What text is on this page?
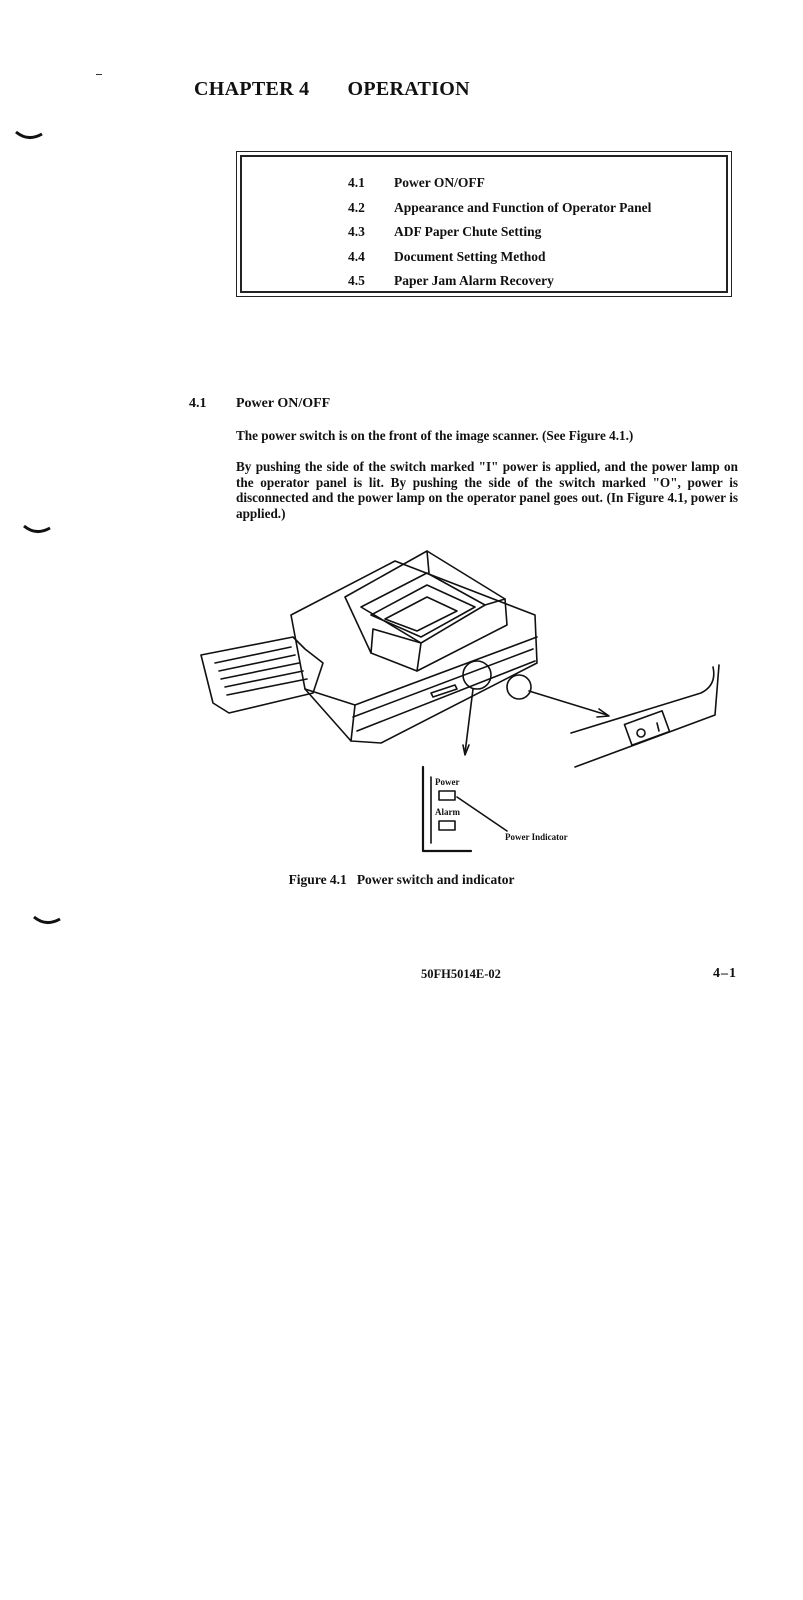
CHAPTER 4 OPERATION
4.1 Power ON/OFF
4.2 Appearance and Function of Operator Panel
4.3 ADF Paper Chute Setting
4.4 Document Setting Method
4.5 Paper Jam Alarm Recovery
4.1 Power ON/OFF
The power switch is on the front of the image scanner. (See Figure 4.1.)
By pushing the side of the switch marked "I" power is applied, and the power lamp on the operator panel is lit. By pushing the side of the switch marked "O", power is disconnected and the power lamp on the operator panel goes out. (In Figure 4.1, power is applied.)
Power
Alarm
Power Indicator
Figure 4.1 Power switch and indicator
50FH5014E-02	4–1
